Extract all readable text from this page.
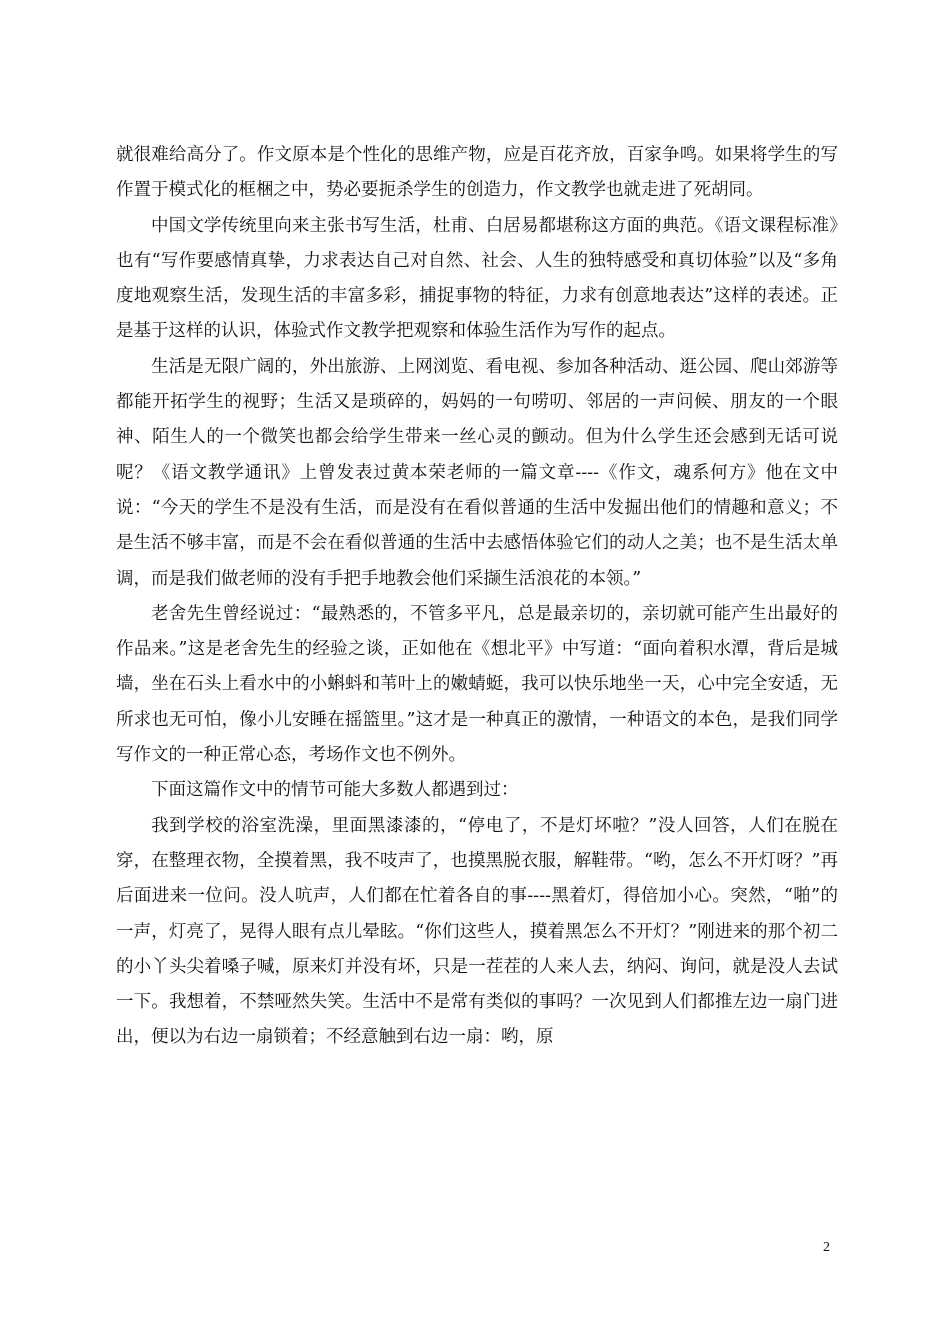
就很难给高分了。作文原本是个性化的思维产物，应是百花齐放，百家争鸣。如果将学生的写作置于模式化的框梱之中，势必要扼杀学生的创造力，作文教学也就走进了死胡同。

中国文学传统里向来主张书写生活，杜甫、白居易都堪称这方面的典范。《语文课程标准》也有“写作要感情真挚，力求表达自己对自然、社会、人生的独特感受和真切体验”以及“多角度地观察生活，发现生活的丰富多彩，捕捉事物的特征，力求有创意地表达”这样的表述。正是基于这样的认识，体验式作文教学把观察和体验生活作为写作的起点。

生活是无限广阔的，外出旅游、上网浏览、看电视、参加各种活动、逛公园、爬山郊游等都能开拓学生的视野；生活又是琐碎的，妈妈的一句唠叨、邻居的一声问候、朋友的一个眼神、陌生人的一个微笑也都会给学生带来一丝心灵的颤动。但为什么学生还会感到无话可说呢？《语文教学通讯》上曾发表过黄本荣老师的一篇文章----《作文，魂系何方》他在文中说：“今天的学生不是没有生活，而是没有在看似普通的生活中发掘出他们的情趣和意义；不是生活不够丰富，而是不会在看似普通的生活中去感悟体验它们的动人之美；也不是生活太单调，而是我们做老师的没有手把手地教会他们采撷生活浪花的本领。”

老舍先生曾经说过：“最熟悉的，不管多平凡，总是最亲切的，亲切就可能产生出最好的作品来。”这是老舍先生的经验之谈，正如他在《想北平》中写道：“面向着积水潭，背后是城墙，坐在石头上看水中的小蝌蚪和苇叶上的嫩蜻蜓，我可以快乐地坐一天，心中完全安适，无所求也无可怕，像小儿安睡在摇篮里。”这才是一种真正的激情，一种语文的本色，是我们同学写作文的一种正常心态，考场作文也不例外。

下面这篇作文中的情节可能大多数人都遇到过：

我到学校的浴室洗澡，里面黑漆漆的，“停电了，不是灯坏啦？”没人回答，人们在脱在穿，在整理衣物，全摸着黑，我不吱声了，也摸黑脱衣服，解鞋带。“哟，怎么不开灯呀？”再后面进来一位问。没人吭声，人们都在忙着各自的事----黑着灯，得倍加小心。突然，“啪”的一声，灯亮了，晃得人眼有点儿晕眩。“你们这些人，摸着黑怎么不开灯？”刚进来的那个初二的小丫头尖着嗓子喊，原来灯并没有坏，只是一茬茬的人来人去，纳闷、询问，就是没人去试一下。我想着，不禁哑然失笑。生活中不是常有类似的事吗？一次见到人们都推左边一扇门进出，便以为右边一扇锁着；不经意触到右边一扇：哟，原

2
